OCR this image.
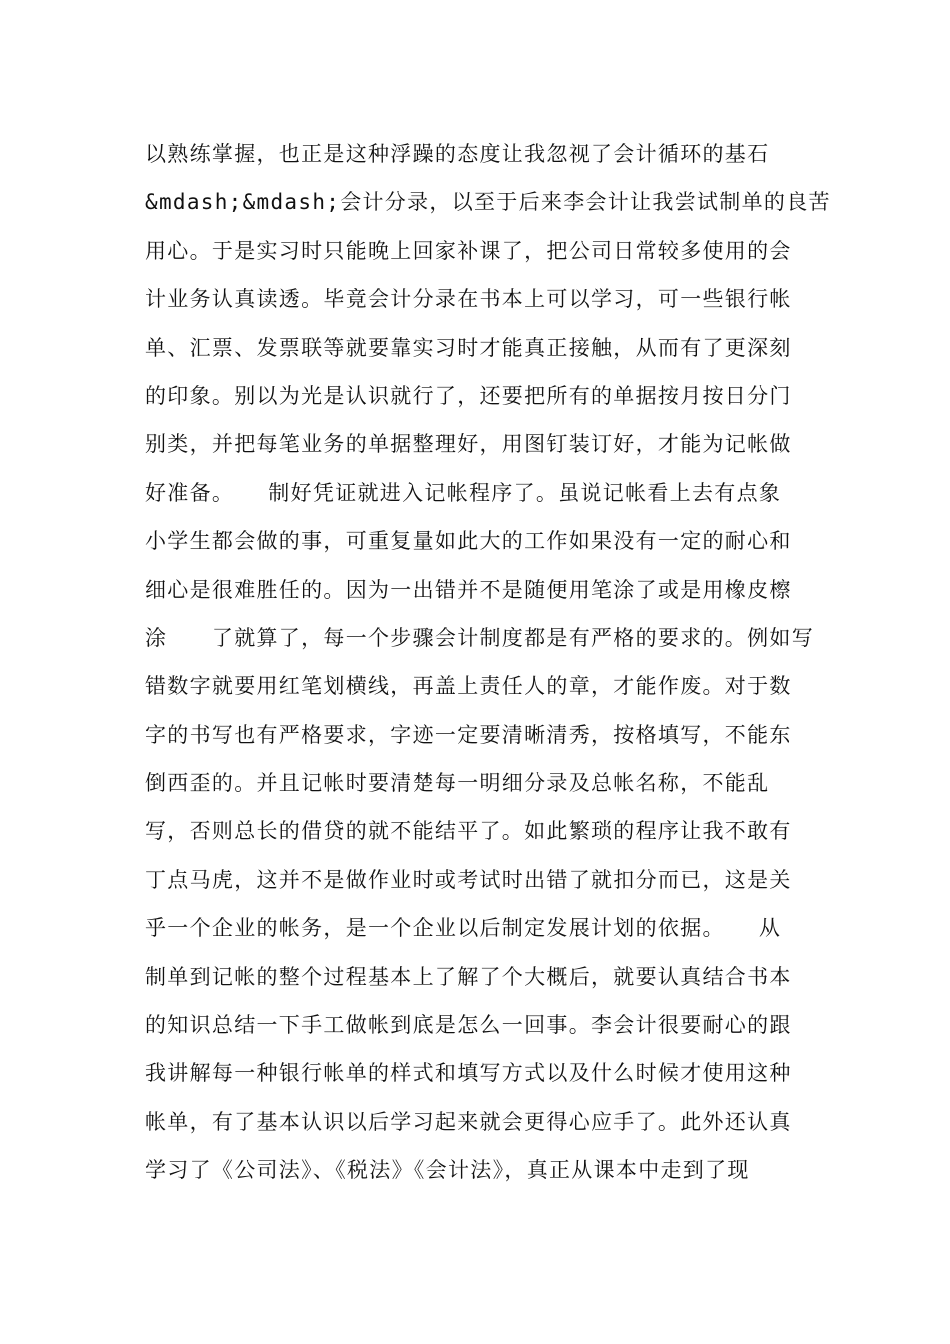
以熟练掌握，也正是这种浮躁的态度让我忽视了会计循环的基石
&mdash;&mdash;会计分录，以至于后来李会计让我尝试制单的良苦
用心。于是实习时只能晚上回家补课了，把公司日常较多使用的会
计业务认真读透。毕竟会计分录在书本上可以学习，可一些银行帐
单、汇票、发票联等就要靠实习时才能真正接触，从而有了更深刻
的印象。别以为光是认识就行了，还要把所有的单据按月按日分门
别类，并把每笔业务的单据整理好，用图钉装订好，才能为记帐做
好准备。　　制好凭证就进入记帐程序了。虽说记帐看上去有点象
小学生都会做的事，可重复量如此大的工作如果没有一定的耐心和
细心是很难胜任的。因为一出错并不是随便用笔涂了或是用橡皮檫
涂　　了就算了，每一个步骤会计制度都是有严格的要求的。例如写
错数字就要用红笔划横线，再盖上责任人的章，才能作废。对于数
字的书写也有严格要求，字迹一定要清晰清秀，按格填写，不能东
倒西歪的。并且记帐时要清楚每一明细分录及总帐名称，不能乱
写，否则总长的借贷的就不能结平了。如此繁琐的程序让我不敢有
丁点马虎，这并不是做作业时或考试时出错了就扣分而已，这是关
乎一个企业的帐务，是一个企业以后制定发展计划的依据。　　从
制单到记帐的整个过程基本上了解了个大概后，就要认真结合书本
的知识总结一下手工做帐到底是怎么一回事。李会计很要耐心的跟
我讲解每一种银行帐单的样式和填写方式以及什么时候才使用这种
帐单，有了基本认识以后学习起来就会更得心应手了。此外还认真
学习了《公司法》、《税法》《会计法》，真正从课本中走到了现
